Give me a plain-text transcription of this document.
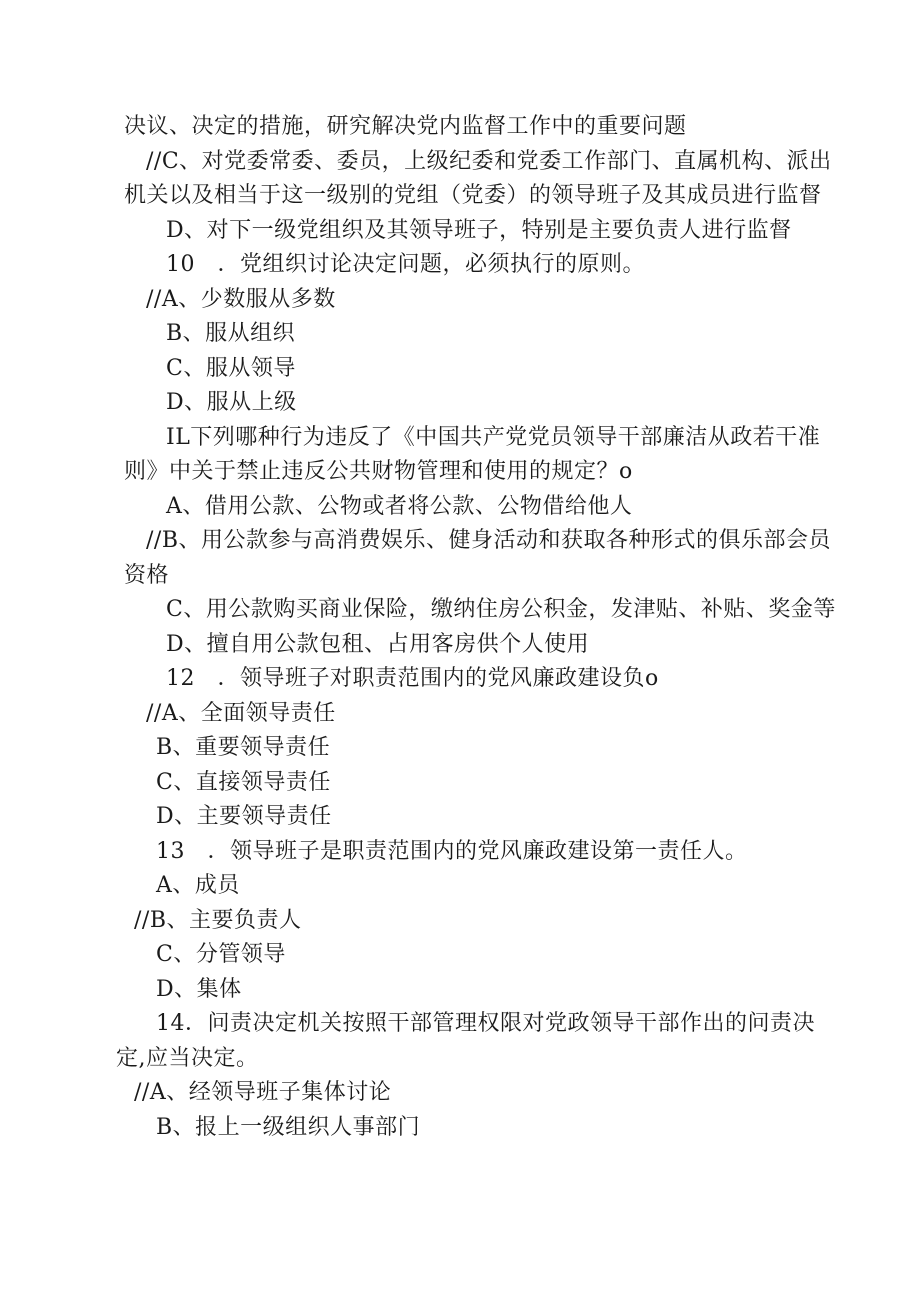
决议、决定的措施，研究解决党内监督工作中的重要问题
//C、对党委常委、委员，上级纪委和党委工作部门、直属机构、派出
机关以及相当于这一级别的党组（党委）的领导班子及其成员进行监督
D、对下一级党组织及其领导班子，特别是主要负责人进行监督
10　．党组织讨论决定问题，必须执行的原则。
//A、少数服从多数
B、服从组织
C、服从领导
D、服从上级
IL下列哪种行为违反了《中国共产党党员领导干部廉洁从政若干准
则》中关于禁止违反公共财物管理和使用的规定？o
A、借用公款、公物或者将公款、公物借给他人
//B、用公款参与高消费娱乐、健身活动和获取各种形式的俱乐部会员
资格
C、用公款购买商业保险，缴纳住房公积金，发津贴、补贴、奖金等
D、擅自用公款包租、占用客房供个人使用
12　．领导班子对职责范围内的党风廉政建设负o
//A、全面领导责任
B、重要领导责任
C、直接领导责任
D、主要领导责任
13　．领导班子是职责范围内的党风廉政建设第一责任人。
A、成员
//B、主要负责人
C、分管领导
D、集体
14．问责决定机关按照干部管理权限对党政领导干部作出的问责决
定,应当决定。
//A、经领导班子集体讨论
B、报上一级组织人事部门
